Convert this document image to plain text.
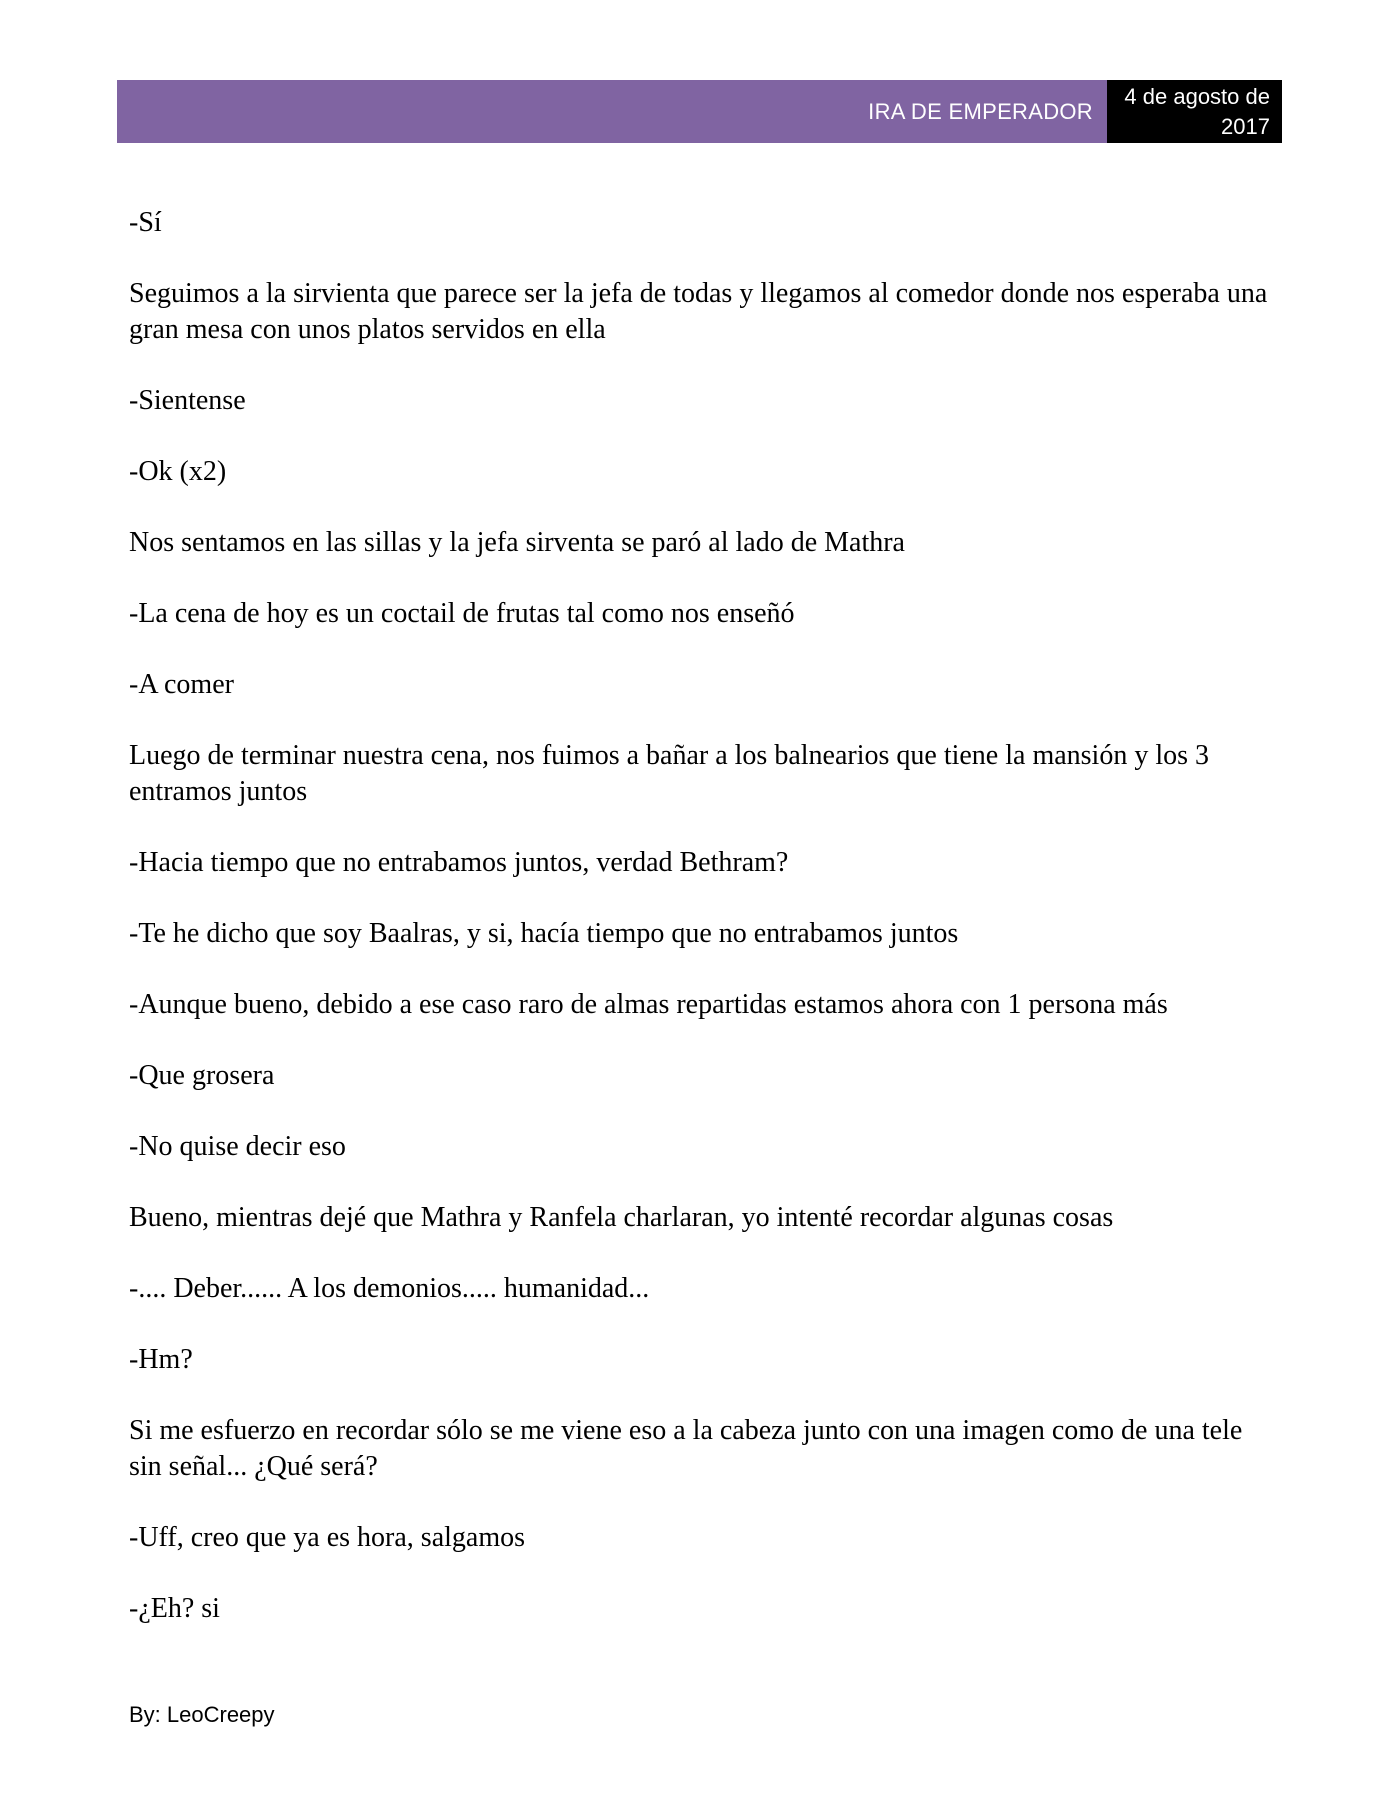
IRA DE EMPERADOR
4 de agosto de
2017

-Sí

Seguimos a la sirvienta que parece ser la jefa de todas y llegamos al comedor donde nos esperaba una gran mesa con unos platos servidos en ella

-Sientense

-Ok (x2)

Nos sentamos en las sillas y la jefa sirventa se paró al lado de Mathra

-La cena de hoy es un coctail de frutas tal como nos enseñó

-A comer

Luego de terminar nuestra cena, nos fuimos a bañar a los balnearios que tiene la mansión y los 3 entramos juntos

-Hacia tiempo que no entrabamos juntos, verdad Bethram?

-Te he dicho que soy Baalras, y si, hacía tiempo que no entrabamos juntos

-Aunque bueno, debido a ese caso raro de almas repartidas estamos ahora con 1 persona más

-Que grosera

-No quise decir eso

Bueno, mientras dejé que Mathra y Ranfela charlaran, yo intenté recordar algunas cosas

-.... Deber...... A los demonios..... humanidad...

-Hm?

Si me esfuerzo en recordar sólo se me viene eso a la cabeza junto con una imagen como de una tele sin señal... ¿Qué será?

-Uff, creo que ya es hora, salgamos

-¿Eh? si

By: LeoCreepy
